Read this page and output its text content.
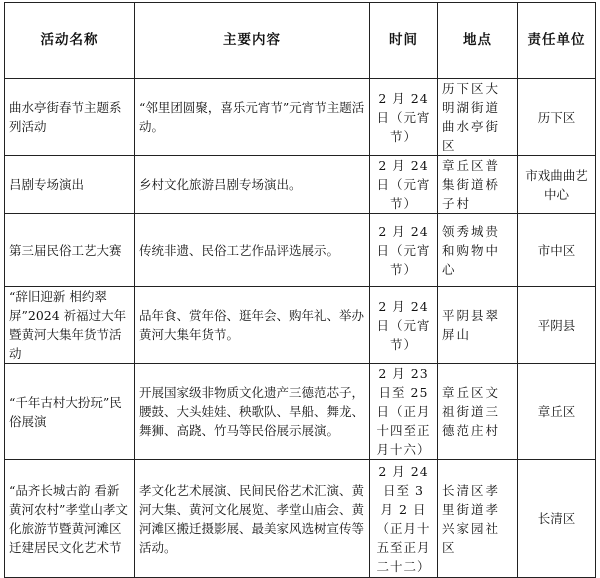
活动名称	主要内容	时间	地点	责任单位
曲水亭街春节主题系列活动	“邻里团圆聚，喜乐元宵节”元宵节主题活动。	2 月 24 日（元宵节）	历下区大明湖街道曲水亭街区	历下区
吕剧专场演出	乡村文化旅游吕剧专场演出。	2 月 24 日（元宵节）	章丘区普集街道桥子村	市戏曲曲艺中心
第三届民俗工艺大赛	传统非遗、民俗工艺作品评选展示。	2 月 24 日（元宵节）	领秀城贵和购物中心	市中区
“辞旧迎新 相约翠屏”2024 祈福过大年暨黄河大集年货节活动	品年食、赏年俗、逛年会、购年礼、举办黄河大集年货节。	2 月 24 日（元宵节）	平阴县翠屏山	平阴县
“千年古村大扮玩”民俗展演	开展国家级非物质文化遗产三德范芯子，腰鼓、大头娃娃、秧歌队、旱船、舞龙、舞狮、高跷、竹马等民俗展示展演。	2 月 23 日至 25 日（正月十四至正月十六）	章丘区文祖街道三德范庄村	章丘区
“品齐长城古韵 看新黄河农村”孝堂山孝文化旅游节暨黄河滩区迁建居民文化艺术节	孝文化艺术展演、民间民俗艺术汇演、黄河大集、黄河文化展览、孝堂山庙会、黄河滩区搬迁摄影展、最美家风选树宣传等活动。	2 月 24 日至 3 月 2 日（正月十五至正月二十二）	长清区孝里街道孝兴家园社区	长清区
